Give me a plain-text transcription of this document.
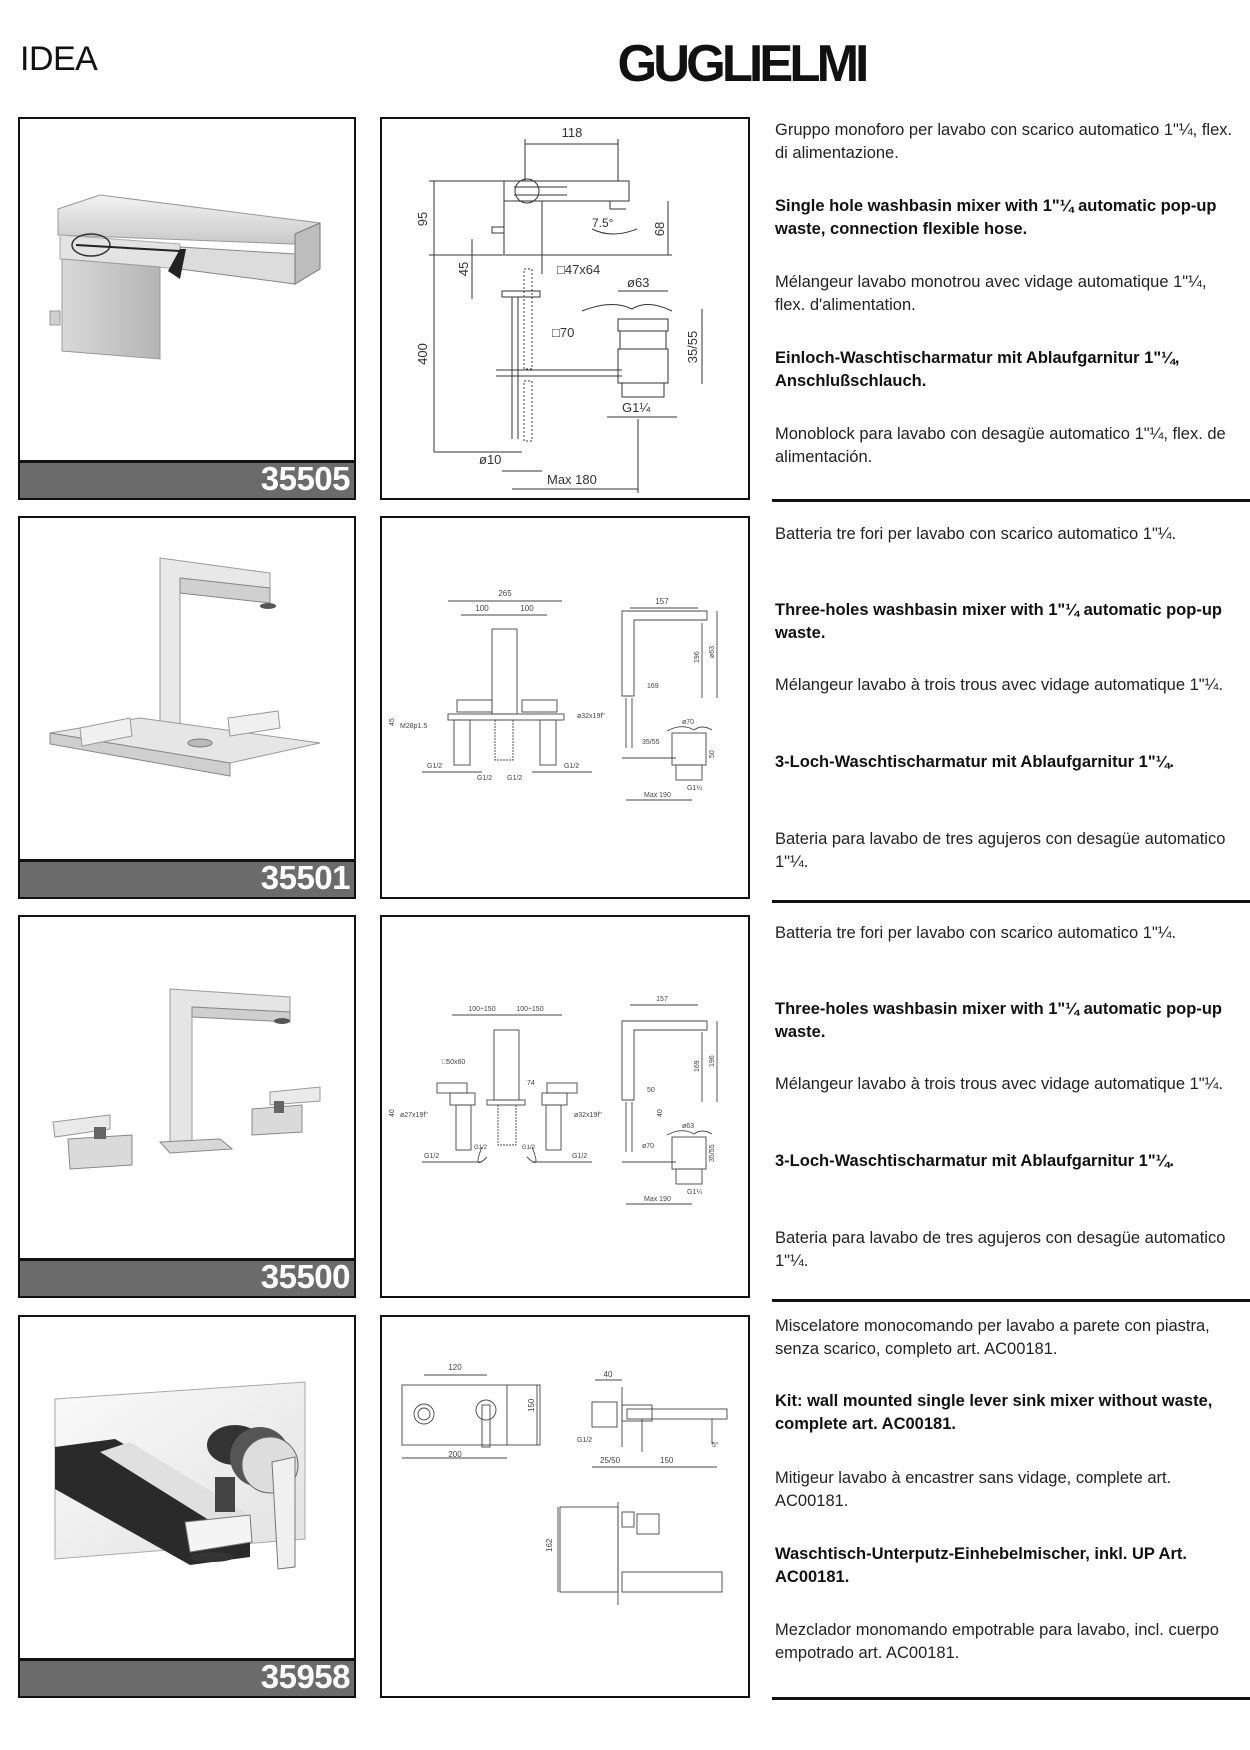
IDEA	GUGLIELMI
35505
118
7.5°
95
400
68
45	□47x64
ø63
□70	35/55
G1¼
ø10
Max 180

Gruppo monoforo per lavabo con scarico automatico 1"¼, flex. di alimentazione.

Single hole washbasin mixer with 1"¼ automatic pop-up waste, connection flexible hose.

Mélangeur lavabo monotrou avec vidage automatique 1"¼, flex. d'alimentation.

Einloch-Waschtischarmatur mit Ablaufgarnitur 1"¼, Anschlußschlauch.

Monoblock para lavabo con desagüe automatico 1"¼, flex. de alimentación.

35501
265
100	100
M28p1.5
45
G1/2
G1/2 G1/2
G1/2
157
ø63
196
169
ø32x19f"
ø70
35/55
50
G1¼
Max 190

Batteria tre fori per lavabo con scarico automatico 1"¼.

Three-holes washbasin mixer with 1"¼ automatic pop-up waste.

Mélangeur lavabo à trois trous avec vidage automatique 1"¼.

3-Loch-Waschtischarmatur mit Ablaufgarnitur 1"¼.

Bateria para lavabo de tres agujeros con desagüe automatico 1"¼.

35500
100÷150	100÷150
□50x60
74
40 ø27x19f"
G1/2
G1/2	G1/2
G1/2
157
196
169
50
ø32x19f"	40
ø63
ø70	35/55
G1¼
Max 190

Batteria tre fori per lavabo con scarico automatico 1"¼.

Three-holes washbasin mixer with 1"¼ automatic pop-up waste.

Mélangeur lavabo à trois trous avec vidage automatique 1"¼.

3-Loch-Waschtischarmatur mit Ablaufgarnitur 1"¼.

Bateria para lavabo de tres agujeros con desagüe automatico 1"¼.

35958
120
150
200
40
G1/2
25/50	150
5°
162

Miscelatore monocomando per lavabo a parete con piastra, senza scarico, completo art. AC00181.

Kit: wall mounted single lever sink mixer without waste, complete art. AC00181.

Mitigeur lavabo à encastrer sans vidage, complete art. AC00181.

Waschtisch-Unterputz-Einhebelmischer, inkl. UP Art. AC00181.

Mezclador monomando empotrable para lavabo, incl. cuerpo empotrado art. AC00181.
